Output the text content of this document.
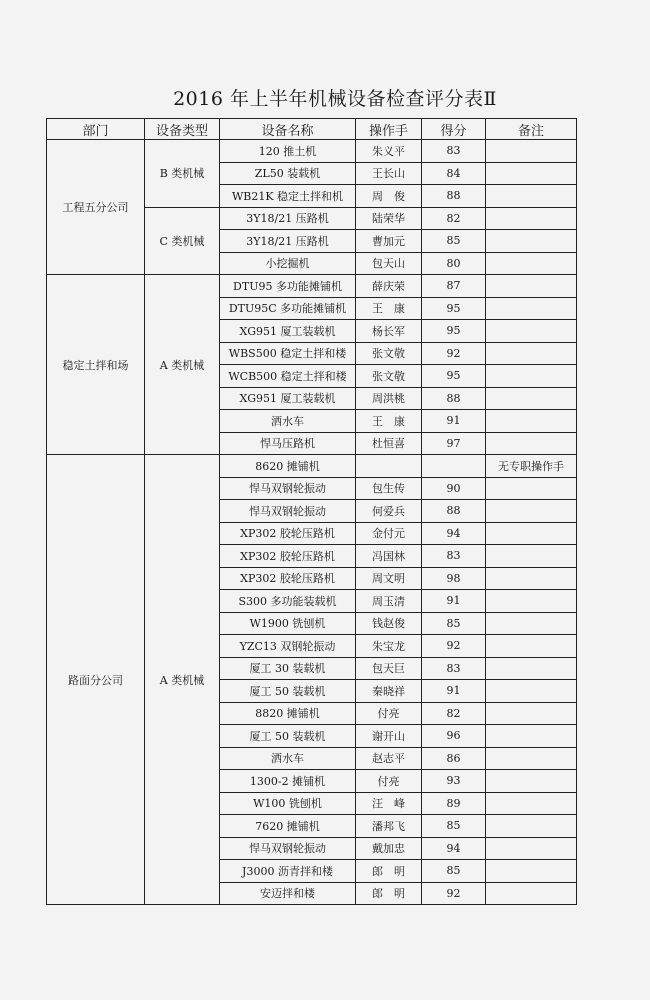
2016 年上半年机械设备检查评分表Ⅱ
部门	设备类型	设备名称	操作手	得分	备注
工程五分公司	B 类机械	120 推土机	朱义平	83	
		ZL50 装载机	王长山	84	
		WB21K 稳定土拌和机	周　俊	88	
	C 类机械	3Y18/21 压路机	陆荣华	82	
		3Y18/21 压路机	曹加元	85	
		小挖掘机	包天山	80	
稳定土拌和场	A 类机械	DTU95 多功能摊铺机	薛庆荣	87	
		DTU95C 多功能摊铺机	王　康	95	
		XG951 厦工装载机	杨长军	95	
		WBS500 稳定土拌和楼	张文敬	92	
		WCB500 稳定土拌和楼	张文敬	95	
		XG951 厦工装载机	周洪桃	88	
		洒水车	王　康	91	
		悍马压路机	杜恒喜	97	
路面分公司	A 类机械	8620 摊铺机			无专职操作手
		悍马双钢轮振动	包生传	90	
		悍马双钢轮振动	何爱兵	88	
		XP302 胶轮压路机	金付元	94	
		XP302 胶轮压路机	冯国林	83	
		XP302 胶轮压路机	周文明	98	
		S300 多功能装载机	周玉清	91	
		W1900 铣刨机	钱赵俊	85	
		YZC13 双钢轮振动	朱宝龙	92	
		厦工 30 装载机	包天巨	83	
		厦工 50 装载机	秦晓祥	91	
		8820 摊铺机	付亮	82	
		厦工 50 装载机	谢开山	96	
		洒水车	赵志平	86	
		1300-2 摊铺机	付亮	93	
		W100 铣刨机	汪　峰	89	
		7620 摊铺机	潘邦飞	85	
		悍马双钢轮振动	戴加忠	94	
		J3000 沥青拌和楼	郎　明	85	
		安迈拌和楼	郎　明	92	
